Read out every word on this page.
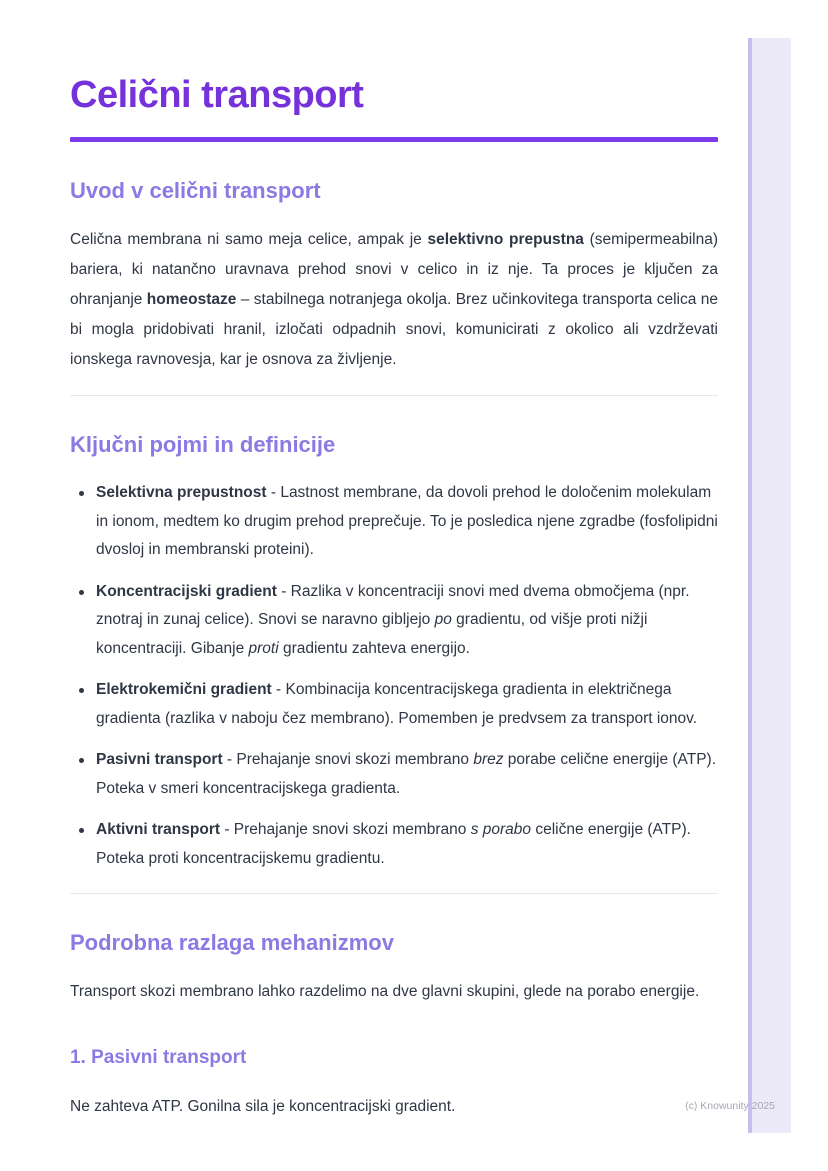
Celični transport
Uvod v celični transport

Celična membrana ni samo meja celice, ampak je selektivno prepustna (semipermeabilna) bariera, ki natančno uravnava prehod snovi v celico in iz nje. Ta proces je ključen za ohranjanje homeostaze – stabilnega notranjega okolja. Brez učinkovitega transporta celica ne bi mogla pridobivati hranil, izločati odpadnih snovi, komunicirati z okolico ali vzdrževati ionskega ravnovesja, kar je osnova za življenje.

Ključni pojmi in definicije
Selektivna prepustnost - Lastnost membrane, da dovoli prehod le določenim molekulam in ionom, medtem ko drugim prehod preprečuje. To je posledica njene zgradbe (fosfolipidni dvosloj in membranski proteini).
Koncentracijski gradient - Razlika v koncentraciji snovi med dvema območjema (npr. znotraj in zunaj celice). Snovi se naravno gibljejo po gradientu, od višje proti nižji koncentraciji. Gibanje proti gradientu zahteva energijo.
Elektrokemični gradient - Kombinacija koncentracijskega gradienta in električnega gradienta (razlika v naboju čez membrano). Pomemben je predvsem za transport ionov.
Pasivni transport - Prehajanje snovi skozi membrano brez porabe celične energije (ATP). Poteka v smeri koncentracijskega gradienta.
Aktivni transport - Prehajanje snovi skozi membrano s porabo celične energije (ATP). Poteka proti koncentracijskemu gradientu.
Podrobna razlaga mehanizmov

Transport skozi membrano lahko razdelimo na dve glavni skupini, glede na porabo energije.

1. Pasivni transport

Ne zahteva ATP. Gonilna sila je koncentracijski gradient.	(c) Knowunity 2025
